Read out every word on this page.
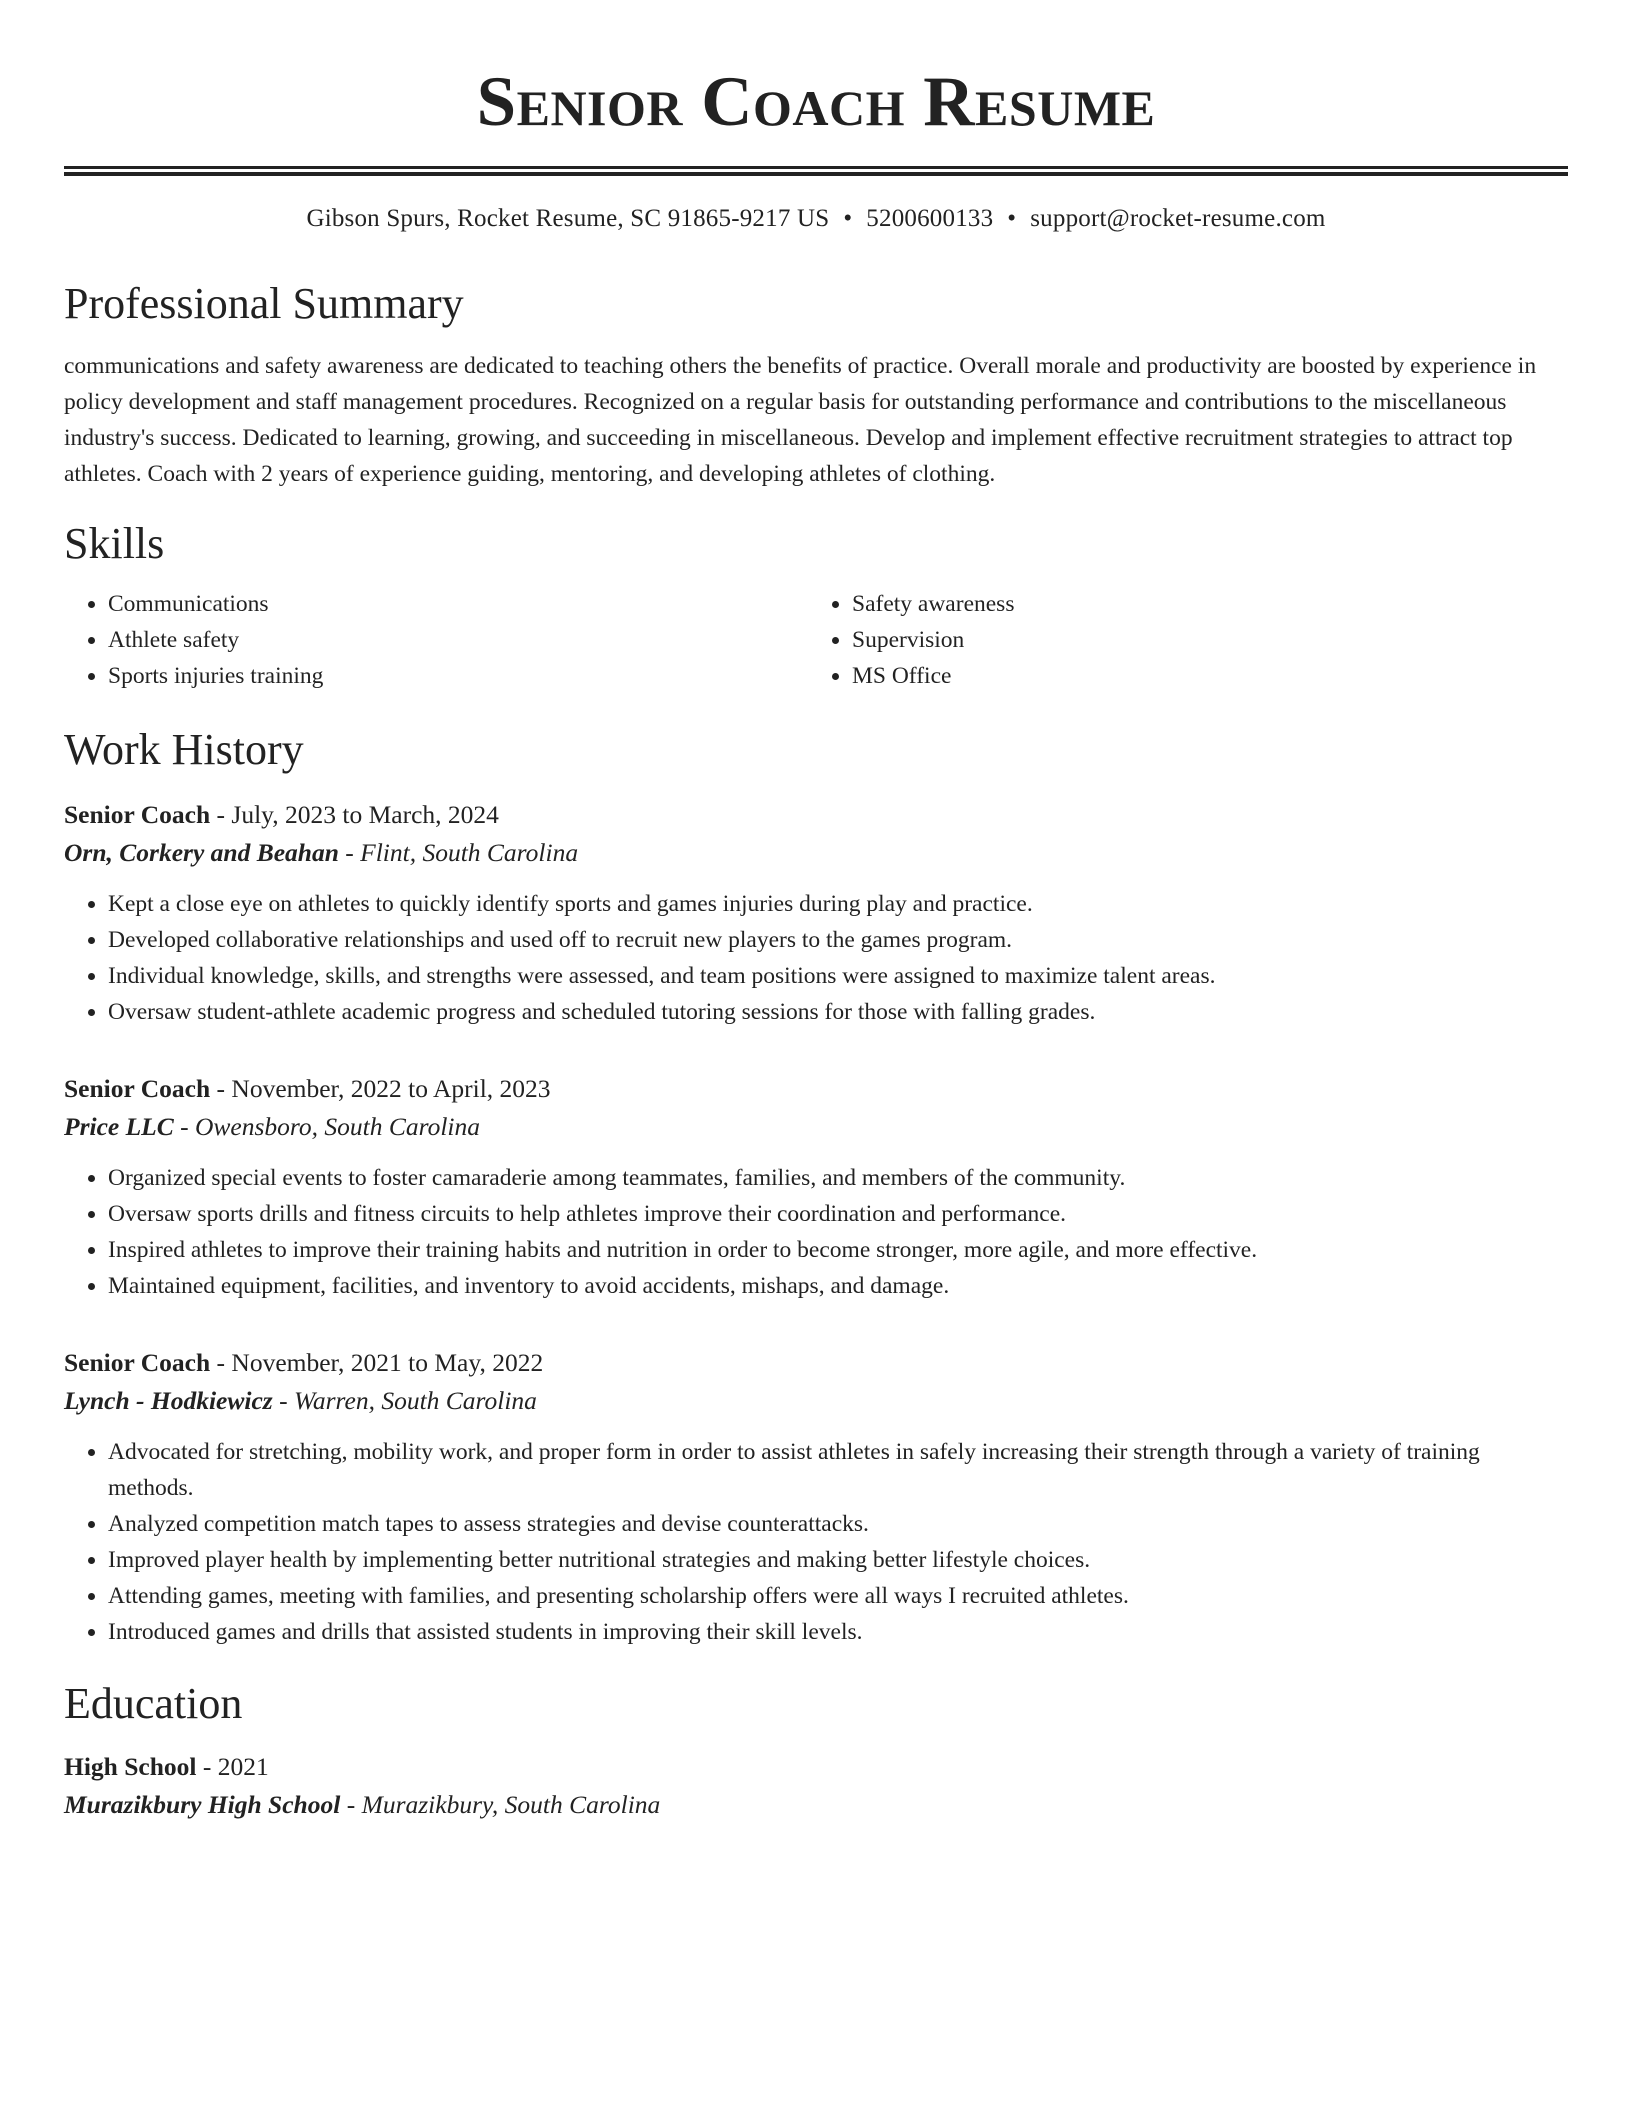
Senior Coach Resume
Gibson Spurs, Rocket Resume, SC 91865-9217 US • 5200600133 • support@rocket-resume.com
Professional Summary
communications and safety awareness are dedicated to teaching others the benefits of practice. Overall morale and productivity are boosted by experience in policy development and staff management procedures. Recognized on a regular basis for outstanding performance and contributions to the miscellaneous industry's success. Dedicated to learning, growing, and succeeding in miscellaneous. Develop and implement effective recruitment strategies to attract top athletes. Coach with 2 years of experience guiding, mentoring, and developing athletes of clothing.
Skills
• Communications
• Athlete safety
• Sports injuries training
• Safety awareness
• Supervision
• MS Office
Work History
Senior Coach - July, 2023 to March, 2024
Orn, Corkery and Beahan - Flint, South Carolina
• Kept a close eye on athletes to quickly identify sports and games injuries during play and practice.
• Developed collaborative relationships and used off to recruit new players to the games program.
• Individual knowledge, skills, and strengths were assessed, and team positions were assigned to maximize talent areas.
• Oversaw student-athlete academic progress and scheduled tutoring sessions for those with falling grades.
Senior Coach - November, 2022 to April, 2023
Price LLC - Owensboro, South Carolina
• Organized special events to foster camaraderie among teammates, families, and members of the community.
• Oversaw sports drills and fitness circuits to help athletes improve their coordination and performance.
• Inspired athletes to improve their training habits and nutrition in order to become stronger, more agile, and more effective.
• Maintained equipment, facilities, and inventory to avoid accidents, mishaps, and damage.
Senior Coach - November, 2021 to May, 2022
Lynch - Hodkiewicz - Warren, South Carolina
• Advocated for stretching, mobility work, and proper form in order to assist athletes in safely increasing their strength through a variety of training methods.
• Analyzed competition match tapes to assess strategies and devise counterattacks.
• Improved player health by implementing better nutritional strategies and making better lifestyle choices.
• Attending games, meeting with families, and presenting scholarship offers were all ways I recruited athletes.
• Introduced games and drills that assisted students in improving their skill levels.
Education
High School - 2021
Murazikbury High School - Murazikbury, South Carolina
